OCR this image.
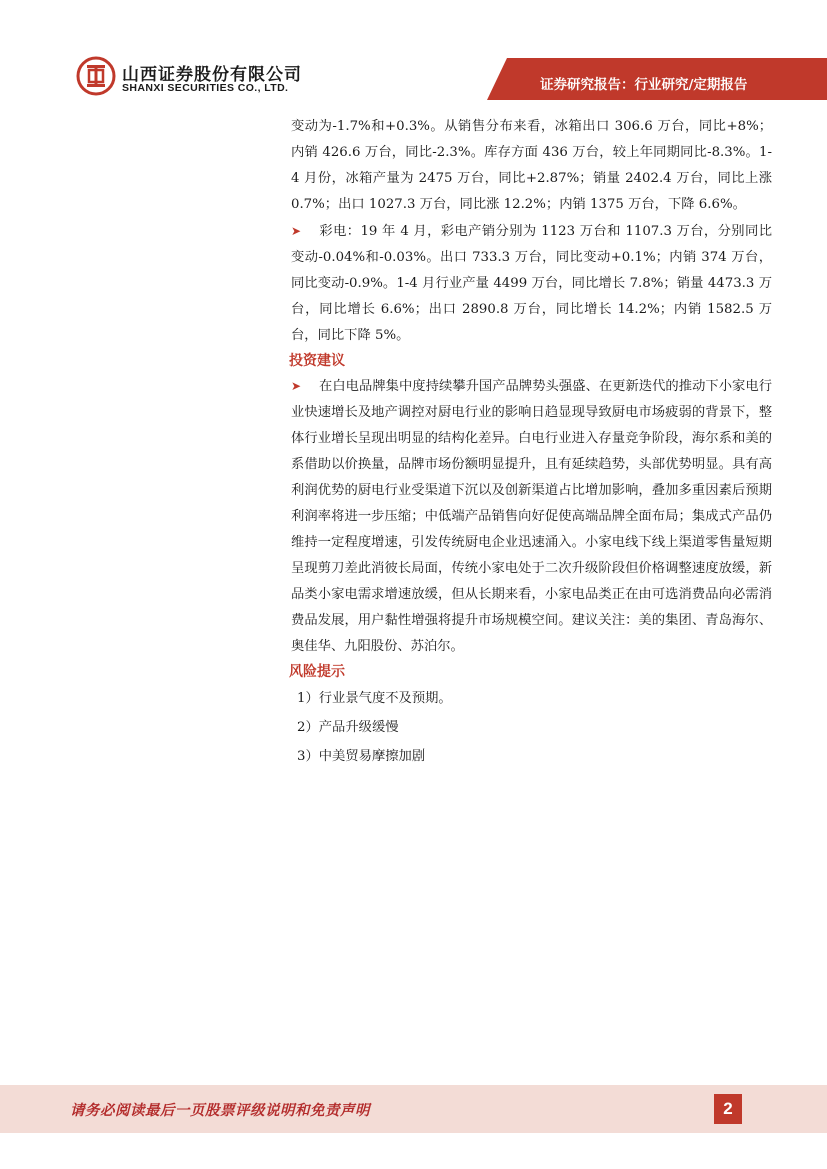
山西证券股份有限公司
SHANXI SECURITIES CO., LTD.	证券研究报告：行业研究/定期报告

变动为-1.7%和+0.3%。从销售分布来看，冰箱出口 306.6 万台，同比+8%；内销 426.6 万台，同比-2.3%。库存方面 436 万台，较上年同期同比-8.3%。1-4 月份，冰箱产量为 2475 万台，同比+2.87%；销量 2402.4 万台，同比上涨 0.7%；出口 1027.3 万台，同比涨 12.2%；内销 1375 万台，下降 6.6%。

➤ 彩电：19 年 4 月，彩电产销分别为 1123 万台和 1107.3 万台，分别同比变动-0.04%和-0.03%。出口 733.3 万台，同比变动+0.1%；内销 374 万台，同比变动-0.9%。1-4 月行业产量 4499 万台，同比增长 7.8%；销量 4473.3 万台，同比增长 6.6%；出口 2890.8 万台，同比增长 14.2%；内销 1582.5 万台，同比下降 5%。

投资建议

➤ 在白电品牌集中度持续攀升国产品牌势头强盛、在更新迭代的推动下小家电行业快速增长及地产调控对厨电行业的影响日趋显现导致厨电市场疲弱的背景下，整体行业增长呈现出明显的结构化差异。白电行业进入存量竞争阶段，海尔系和美的系借助以价换量，品牌市场份额明显提升，且有延续趋势，头部优势明显。具有高利润优势的厨电行业受渠道下沉以及创新渠道占比增加影响，叠加多重因素后预期利润率将进一步压缩；中低端产品销售向好促使高端品牌全面布局；集成式产品仍维持一定程度增速，引发传统厨电企业迅速涌入。小家电线下线上渠道零售量短期呈现剪刀差此消彼长局面，传统小家电处于二次升级阶段但价格调整速度放缓，新品类小家电需求增速放缓，但从长期来看，小家电品类正在由可选消费品向必需消费品发展，用户黏性增强将提升市场规模空间。建议关注：美的集团、青岛海尔、奥佳华、九阳股份、苏泊尔。

风险提示
1）行业景气度不及预期。
2）产品升级缓慢
3）中美贸易摩擦加剧
请务必阅读最后一页股票评级说明和免责声明	2
